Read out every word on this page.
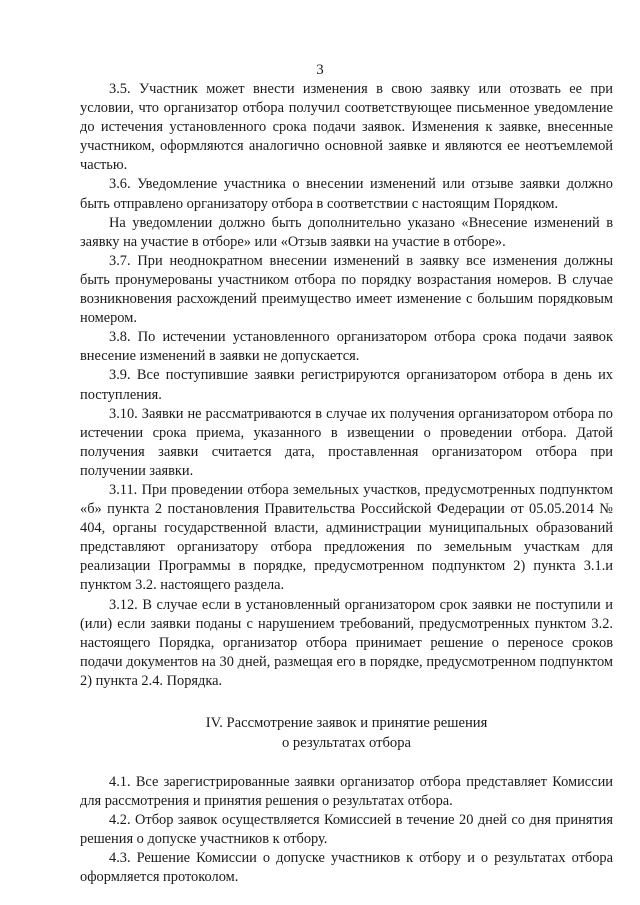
3

3.5. Участник может внести изменения в свою заявку или отозвать ее при условии, что организатор отбора получил соответствующее письменное уведомление до истечения установленного срока подачи заявок. Изменения к заявке, внесенные участником, оформляются аналогично основной заявке и являются ее неотъемлемой частью.

3.6. Уведомление участника о внесении изменений или отзыве заявки должно быть отправлено организатору отбора в соответствии с настоящим Порядком.

На уведомлении должно быть дополнительно указано «Внесение изменений в заявку на участие в отборе» или «Отзыв заявки на участие в отборе».

3.7. При неоднократном внесении изменений в заявку все изменения должны быть пронумерованы участником отбора по порядку возрастания номеров. В случае возникновения расхождений преимущество имеет изменение с большим порядковым номером.

3.8. По истечении установленного организатором отбора срока подачи заявок внесение изменений в заявки не допускается.

3.9. Все поступившие заявки регистрируются организатором отбора в день их поступления.

3.10. Заявки не рассматриваются в случае их получения организатором отбора по истечении срока приема, указанного в извещении о проведении отбора. Датой получения заявки считается дата, проставленная организатором отбора при получении заявки.

3.11. При проведении отбора земельных участков, предусмотренных подпунктом «б» пункта 2 постановления Правительства Российской Федерации от 05.05.2014 № 404, органы государственной власти, администрации муниципальных образований представляют организатору отбора предложения по земельным участкам для реализации Программы в порядке, предусмотренном подпунктом 2) пункта 3.1.и пунктом 3.2. настоящего раздела.

3.12. В случае если в установленный организатором срок заявки не поступили и (или) если заявки поданы с нарушением требований, предусмотренных пунктом 3.2. настоящего Порядка, организатор отбора принимает решение о переносе сроков подачи документов на 30 дней, размещая его в порядке, предусмотренном подпунктом 2) пункта 2.4. Порядка.

IV. Рассмотрение заявок и принятие решения
о результатах отбора

4.1. Все зарегистрированные заявки организатор отбора представляет Комиссии для рассмотрения и принятия решения о результатах отбора.

4.2. Отбор заявок осуществляется Комиссией в течение 20 дней со дня принятия решения о допуске участников к отбору.

4.3. Решение Комиссии о допуске участников к отбору и о результатах отбора оформляется протоколом.
